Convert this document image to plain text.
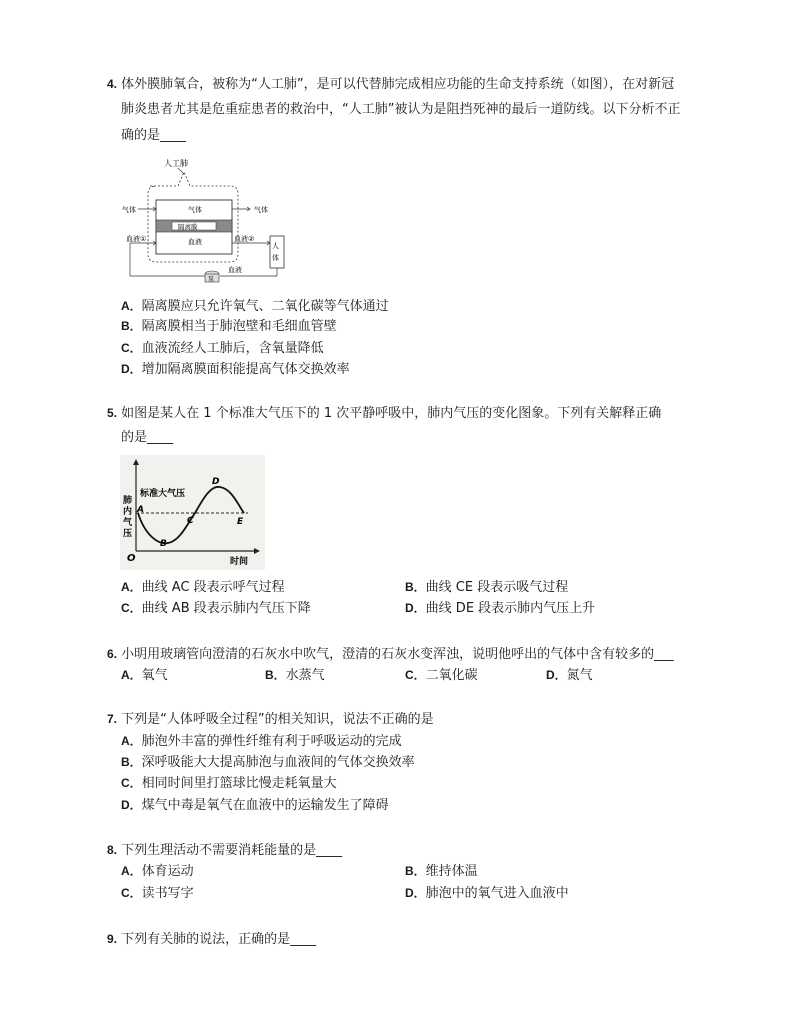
4. 体外膜肺氧合，被称为“人工肺”，是可以代替肺完成相应功能的生命支持系统（如图），在对新冠
肺炎患者尤其是危重症患者的救治中，“人工肺”被认为是阻挡死神的最后一道防线。以下分析不正
确的是____
人工肺
气体
隔离膜
血液
气体	气体
血液①	血液②
人
体
血液
泵
A．隔离膜应只允许氧气、二氧化碳等气体通过
B．隔离膜相当于肺泡壁和毛细血管壁
C．血液流经人工肺后，含氧量降低
D．增加隔离膜面积能提高气体交换效率
5. 如图是某人在 1 个标准大气压下的 1 次平静呼吸中，肺内气压的变化图象。下列有关解释正确
的是____
肺
内
气
压
O	时间
标准大气压
A
B
C
D
E
A．曲线 AC 段表示呼气过程	B．曲线 CE 段表示吸气过程
C．曲线 AB 段表示肺内气压下降	D．曲线 DE 段表示肺内气压上升
6. 小明用玻璃管向澄清的石灰水中吹气，澄清的石灰水变浑浊，说明他呼出的气体中含有较多的___
A．氧气	B．水蒸气	C．二氧化碳	D．氮气
7. 下列是“人体呼吸全过程”的相关知识，说法不正确的是
A．肺泡外丰富的弹性纤维有利于呼吸运动的完成
B．深呼吸能大大提高肺泡与血液间的气体交换效率
C．相同时间里打篮球比慢走耗氧量大
D．煤气中毒是氧气在血液中的运输发生了障碍
8. 下列生理活动不需要消耗能量的是____
A．体育运动	B．维持体温
C．读书写字	D．肺泡中的氧气进入血液中
9. 下列有关肺的说法，正确的是____
